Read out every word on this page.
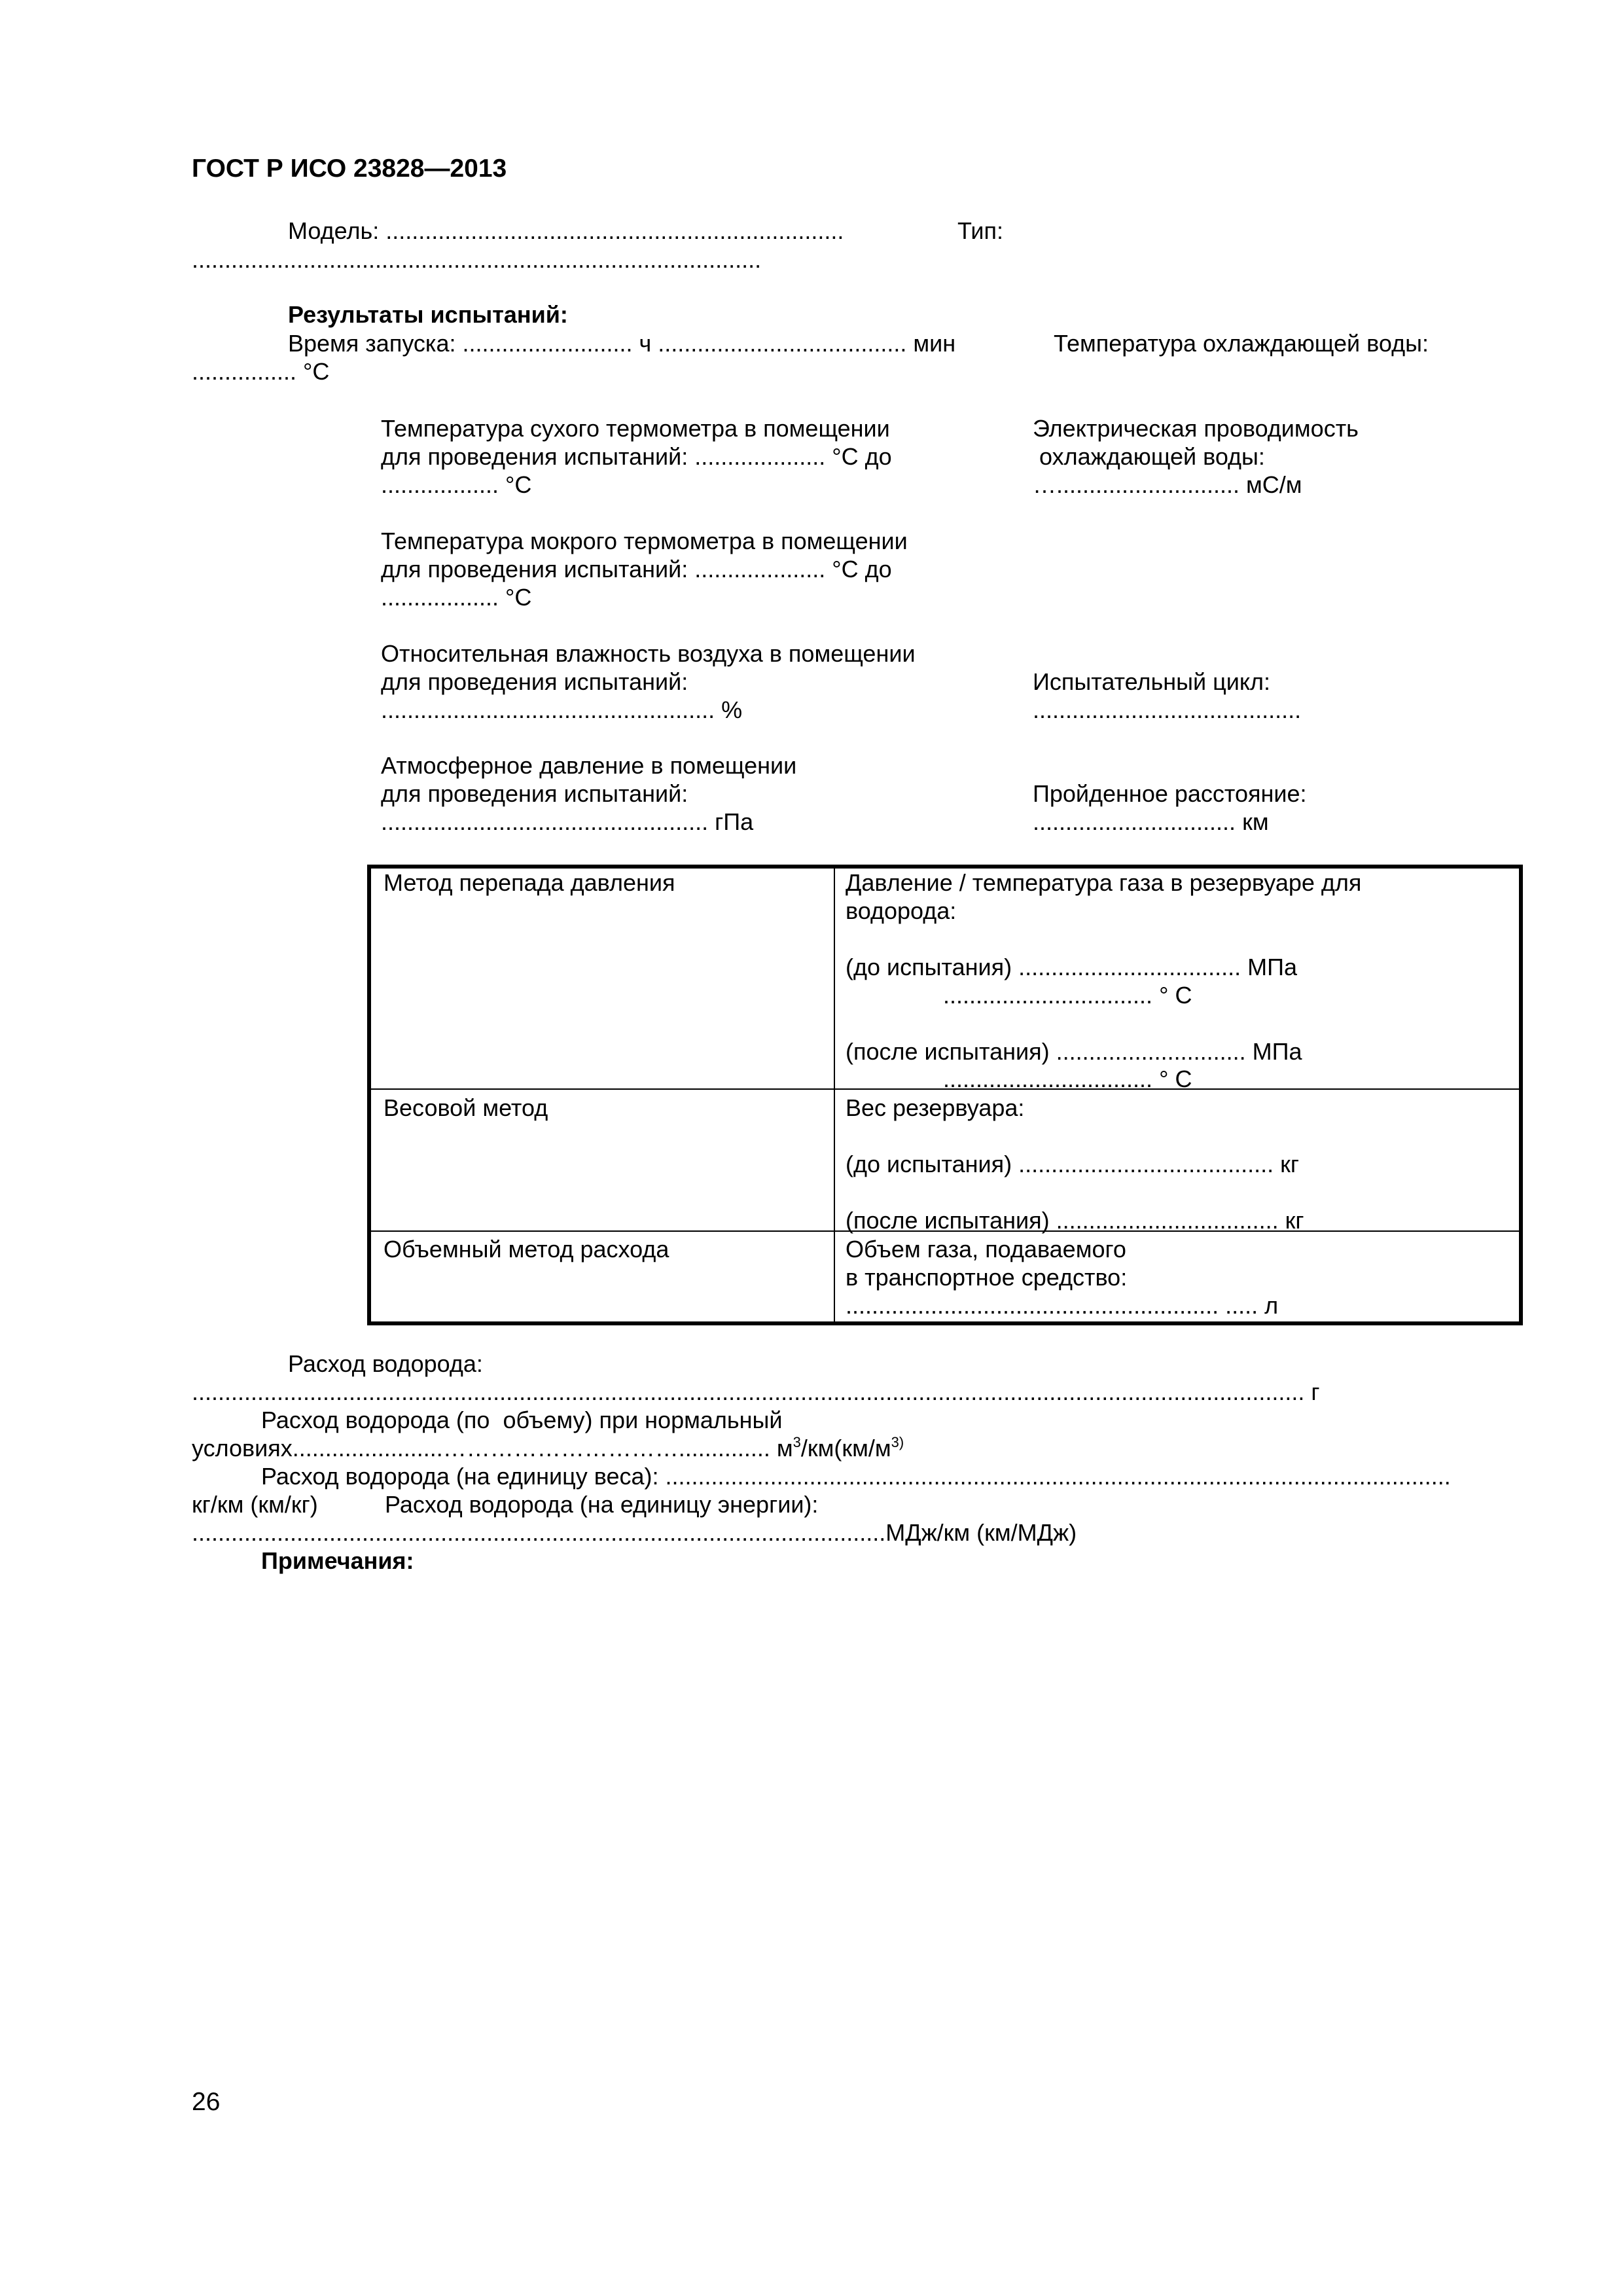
ГОСТ Р ИСО 23828—2013
Модель: ......................................................................	Тип:
.......................................................................................
Результаты испытаний:
Время запуска: .......................... ч ...................................... мин	Температура охлаждающей воды:
................ °С
Температура сухого термометра в помещении
для проведения испытаний: .................... °С до
.................. °С
Электрическая проводимость
охлаждающей воды:
…............................ мС/м
Температура мокрого термометра в помещении
для проведения испытаний: .................... °С до
.................. °С
Относительная влажность воздуха в помещении
для проведения испытаний:
................................................... %
Испытательный цикл:
.........................................
Атмосферное давление в помещении
для проведения испытаний:
.................................................. гПа
Пройденное расстояние:
............................... км
Метод перепада давления	Давление / температура газа в резервуаре для
водорода:
(до испытания) .................................. МПа
................................ ° С
(после испытания) ............................. МПа
................................ ° С
Весовой метод	Вес резервуара:
(до испытания) ....................................... кг
(после испытания) .................................. кг
Объемный метод расхода	Объем газа, подаваемого
в транспортное средство:
......................................................... ..... л
Расход водорода:
.......................................................................................................................................................................... г
Расход водорода (по  объему) при нормальный
условиях.......................………………………….............. $м^3/км(км/м^{3)}$
Расход водорода (на единицу веса): ........................................................................................................................
кг/км (км/кг)	Расход водорода (на единицу энергии):
..........................................................................................................МДж/км (км/МДж)
Примечания:
26
